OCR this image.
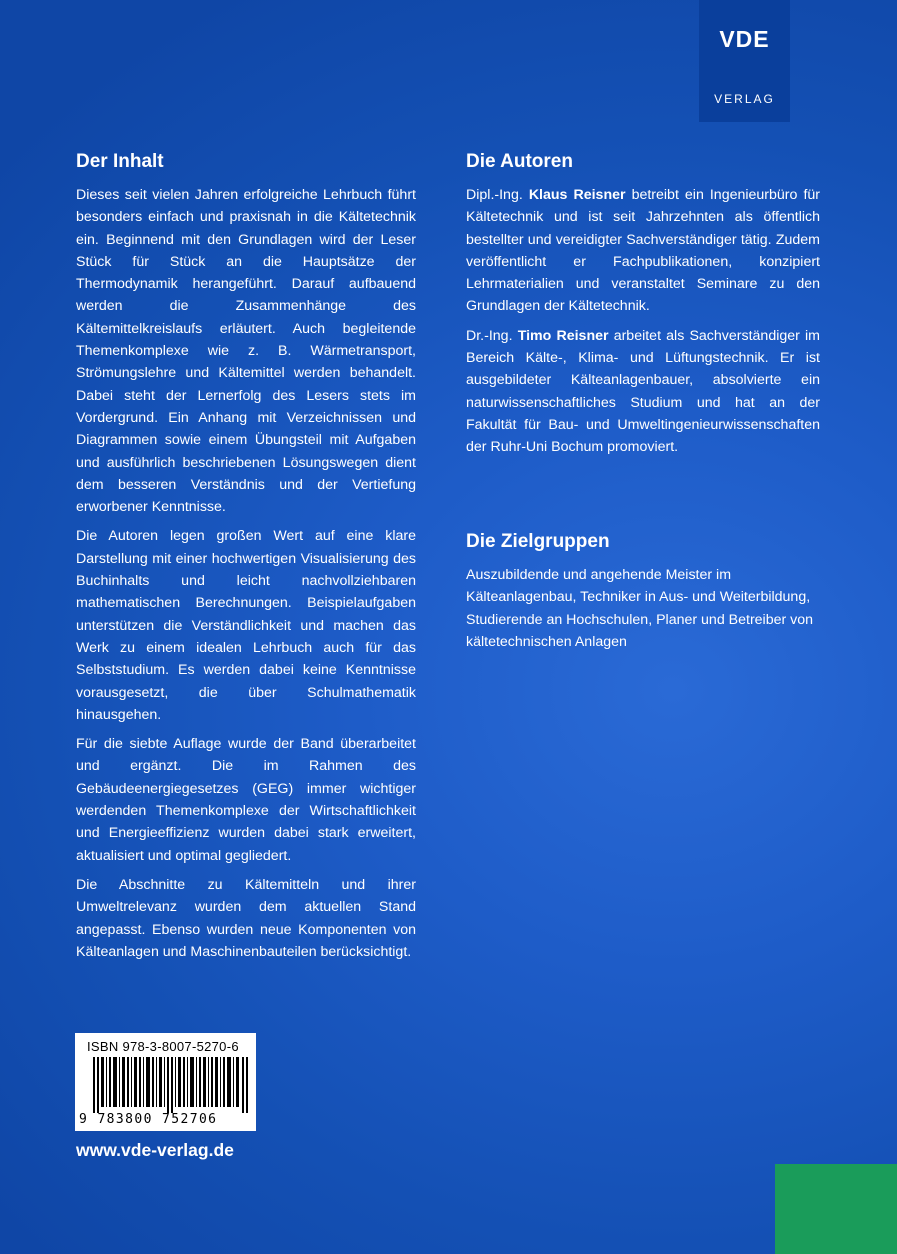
VDE
VERLAG
Der Inhalt

Dieses seit vielen Jahren erfolgreiche Lehrbuch führt besonders einfach und praxisnah in die Kältetechnik ein. Beginnend mit den Grundlagen wird der Leser Stück für Stück an die Hauptsätze der Thermodynamik herangeführt. Darauf aufbauend werden die Zusammenhänge des Kältemittelkreislaufs erläutert. Auch begleitende Themenkomplexe wie z. B. Wärmetransport, Strömungslehre und Kältemittel werden behandelt. Dabei steht der Lernerfolg des Lesers stets im Vordergrund. Ein Anhang mit Verzeichnissen und Diagrammen sowie einem Übungsteil mit Aufgaben und ausführlich beschriebenen Lösungswegen dient dem besseren Verständnis und der Vertiefung erworbener Kenntnisse.

Die Autoren legen großen Wert auf eine klare Darstellung mit einer hochwertigen Visualisierung des Buchinhalts und leicht nachvollziehbaren mathematischen Berechnungen. Beispielaufgaben unterstützen die Verständlichkeit und machen das Werk zu einem idealen Lehrbuch auch für das Selbststudium. Es werden dabei keine Kenntnisse vorausgesetzt, die über Schulmathematik hinausgehen.

Für die siebte Auflage wurde der Band überarbeitet und ergänzt. Die im Rahmen des Gebäudeenergiegesetzes (GEG) immer wichtiger werdenden Themenkomplexe der Wirtschaftlichkeit und Energieeffizienz wurden dabei stark erweitert, aktualisiert und optimal gegliedert.

Die Abschnitte zu Kältemitteln und ihrer Umweltrelevanz wurden dem aktuellen Stand angepasst. Ebenso wurden neue Komponenten von Kälteanlagen und Maschinenbauteilen berücksichtigt.

Die Autoren

Dipl.-Ing. Klaus Reisner betreibt ein Ingenieurbüro für Kältetechnik und ist seit Jahrzehnten als öffentlich bestellter und vereidigter Sachverständiger tätig. Zudem veröffentlicht er Fachpublikationen, konzipiert Lehrmaterialien und veranstaltet Seminare zu den Grundlagen der Kältetechnik.

Dr.-Ing. Timo Reisner arbeitet als Sachverständiger im Bereich Kälte-, Klima- und Lüftungstechnik. Er ist ausgebildeter Kälteanlagenbauer, absolvierte ein naturwissenschaftliches Studium und hat an der Fakultät für Bau- und Umweltingenieurwissenschaften der Ruhr-Uni Bochum promoviert.

Die Zielgruppen

Auszubildende und angehende Meister im Kälteanlagenbau, Techniker in Aus- und Weiterbildung, Studierende an Hochschulen, Planer und Betreiber von kältetechnischen Anlagen

ISBN 978-3-8007-5270-6
9 783800 752706
www.vde-verlag.de
